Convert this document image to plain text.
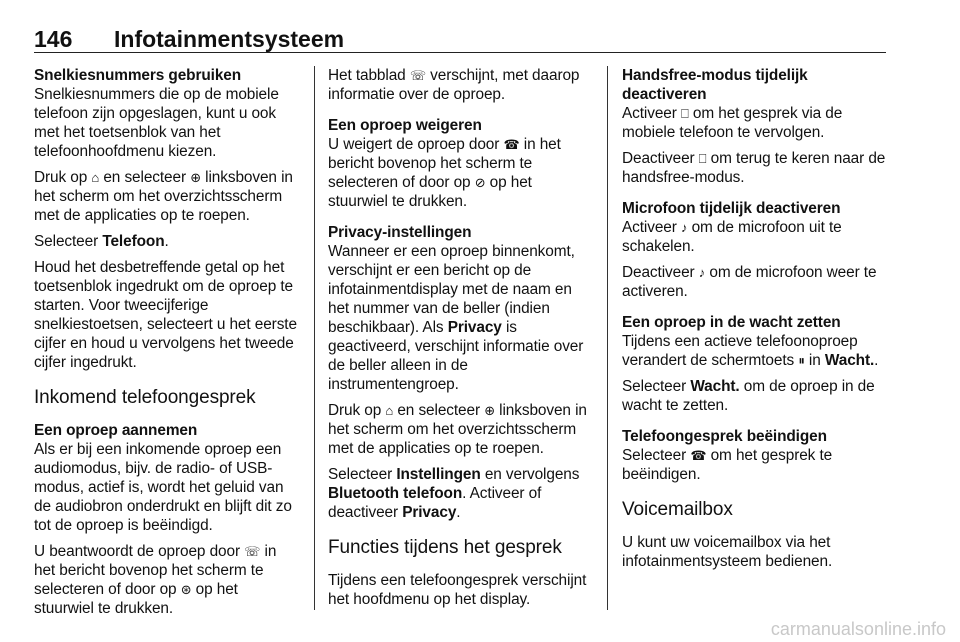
146 Infotainmentsysteem
Snelkiesnummers gebruiken

Snelkiesnummers die op de mobiele telefoon zijn opgeslagen, kunt u ook met het toetsenblok van het telefoonhoofdmenu kiezen.

Druk op ⌂ en selecteer ⊕ linksboven in het scherm om het overzichtsscherm met de applicaties op te roepen.

Selecteer Telefoon.

Houd het desbetreffende getal op het toetsenblok ingedrukt om de oproep te starten. Voor tweecijferige snelkiestoetsen, selecteert u het eerste cijfer en houd u vervolgens het tweede cijfer ingedrukt.

Inkomend telefoongesprek
Een oproep aannemen

Als er bij een inkomende oproep een audiomodus, bijv. de radio- of USB-modus, actief is, wordt het geluid van de audiobron onderdrukt en blijft dit zo tot de oproep is beëindigd.

U beantwoordt de oproep door ☏ in het bericht bovenop het scherm te selecteren of door op ⊛ op het stuurwiel te drukken.

Het tabblad ☏ verschijnt, met daarop informatie over de oproep.

Een oproep weigeren

U weigert de oproep door ☎ in het bericht bovenop het scherm te selecteren of door op ⊘ op het stuurwiel te drukken.

Privacy-instellingen

Wanneer er een oproep binnenkomt, verschijnt er een bericht op de infotainmentdisplay met de naam en het nummer van de beller (indien beschikbaar). Als Privacy is geactiveerd, verschijnt informatie over de beller alleen in de instrumentengroep.

Druk op ⌂ en selecteer ⊕ linksboven in het scherm om het overzichtsscherm met de applicaties op te roepen.

Selecteer Instellingen en vervolgens Bluetooth telefoon. Activeer of deactiveer Privacy.

Functies tijdens het gesprek

Tijdens een telefoongesprek verschijnt het hoofdmenu op het display.

Handsfree-modus tijdelijk deactiveren

Activeer ⎕ om het gesprek via de mobiele telefoon te vervolgen.

Deactiveer ⎕ om terug te keren naar de handsfree-modus.

Microfoon tijdelijk deactiveren

Activeer ♪ om de microfoon uit te schakelen.

Deactiveer ♪ om de microfoon weer te activeren.

Een oproep in de wacht zetten

Tijdens een actieve telefoonoproep verandert de schermtoets ⏸ in Wacht..

Selecteer Wacht. om de oproep in de wacht te zetten.

Telefoongesprek beëindigen

Selecteer ☎ om het gesprek te beëindigen.

Voicemailbox

U kunt uw voicemailbox via het infotainmentsysteem bedienen.

carmanualsonline.info
